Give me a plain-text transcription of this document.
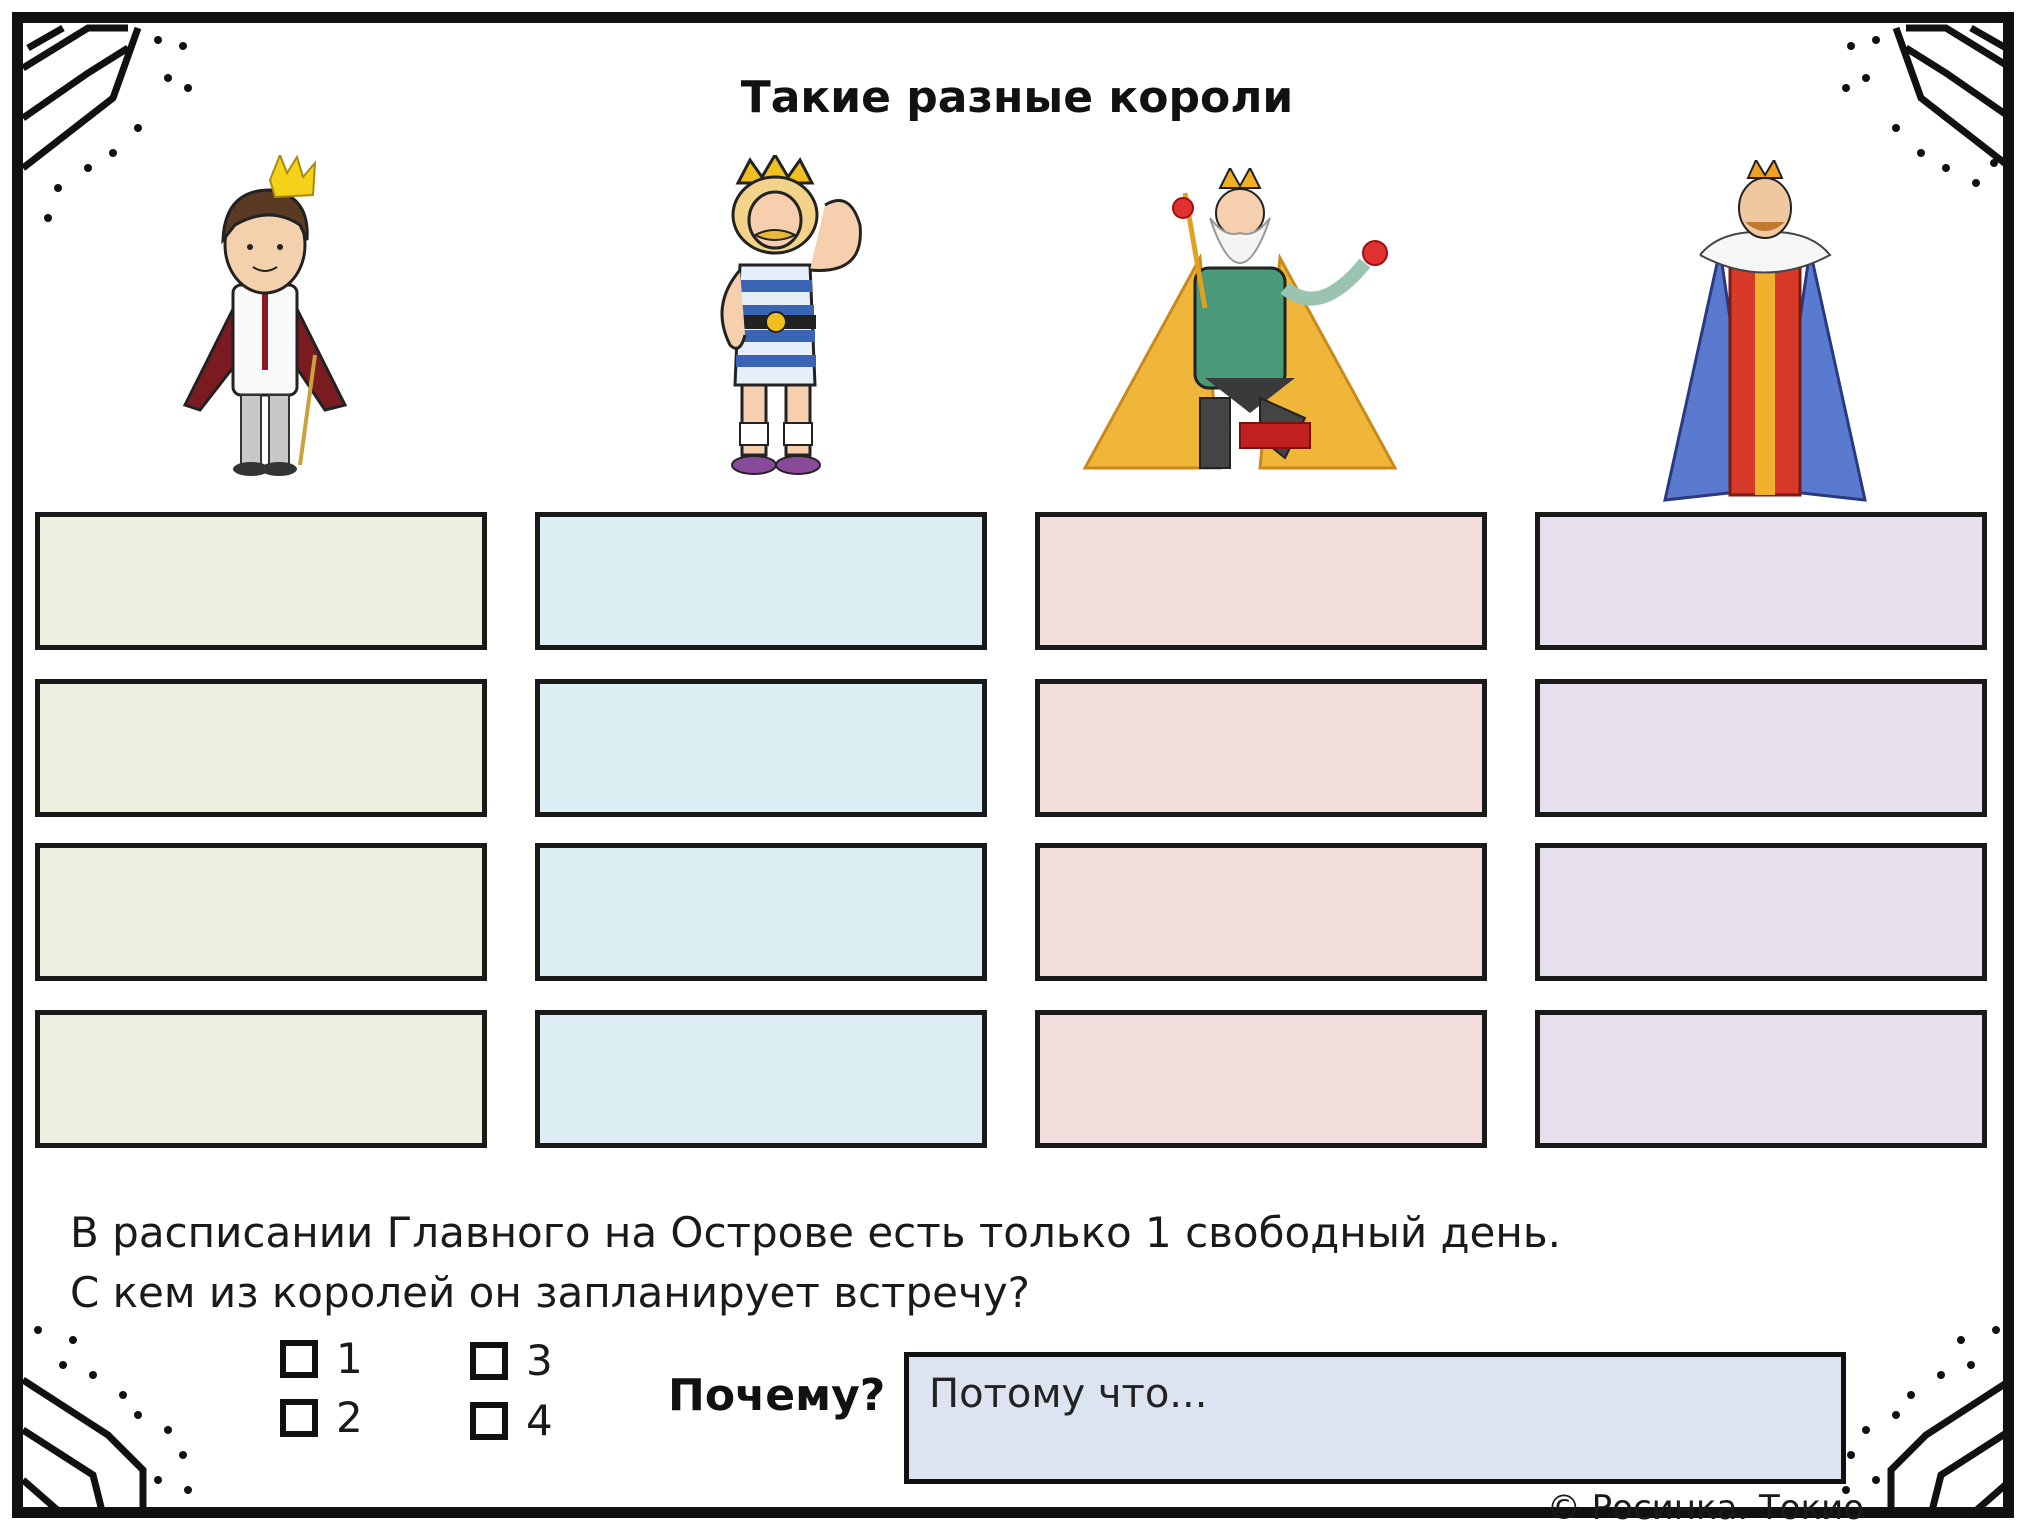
Такие разные короли
В расписании Главного на Острове есть только 1 свободный день.
С кем из королей он запланирует встречу?
1
2
3
4	Почему?	Потому что...
© Росинка. Токио
